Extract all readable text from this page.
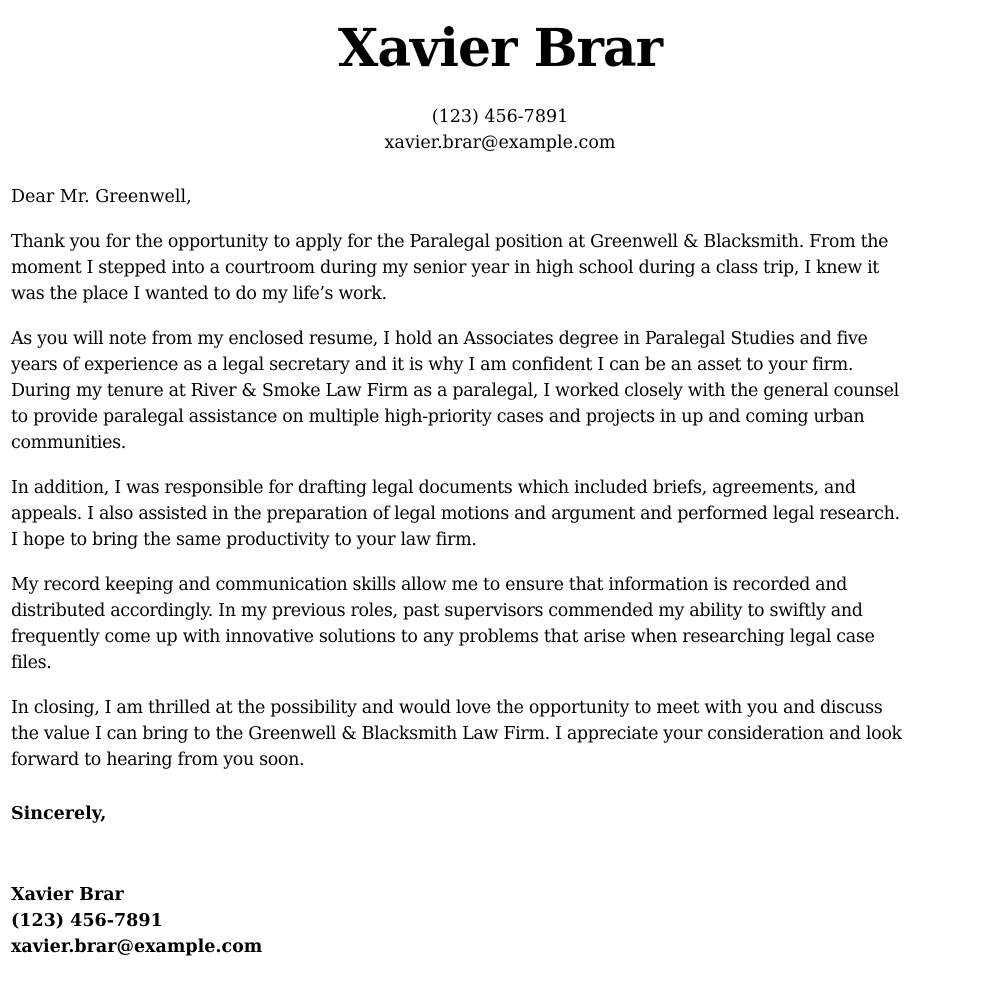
Xavier Brar
(123) 456-7891
xavier.brar@example.com
Dear Mr. Greenwell,

Thank you for the opportunity to apply for the Paralegal position at Greenwell & Blacksmith. From the
moment I stepped into a courtroom during my senior year in high school during a class trip, I knew it
was the place I wanted to do my life’s work.

As you will note from my enclosed resume, I hold an Associates degree in Paralegal Studies and five
years of experience as a legal secretary and it is why I am confident I can be an asset to your firm.
During my tenure at River & Smoke Law Firm as a paralegal, I worked closely with the general counsel
to provide paralegal assistance on multiple high-priority cases and projects in up and coming urban
communities.

In addition, I was responsible for drafting legal documents which included briefs, agreements, and
appeals. I also assisted in the preparation of legal motions and argument and performed legal research.
I hope to bring the same productivity to your law firm.

My record keeping and communication skills allow me to ensure that information is recorded and
distributed accordingly. In my previous roles, past supervisors commended my ability to swiftly and
frequently come up with innovative solutions to any problems that arise when researching legal case
files.

In closing, I am thrilled at the possibility and would love the opportunity to meet with you and discuss
the value I can bring to the Greenwell & Blacksmith Law Firm. I appreciate your consideration and look
forward to hearing from you soon.

Sincerely,
Xavier Brar
(123) 456-7891
xavier.brar@example.com
